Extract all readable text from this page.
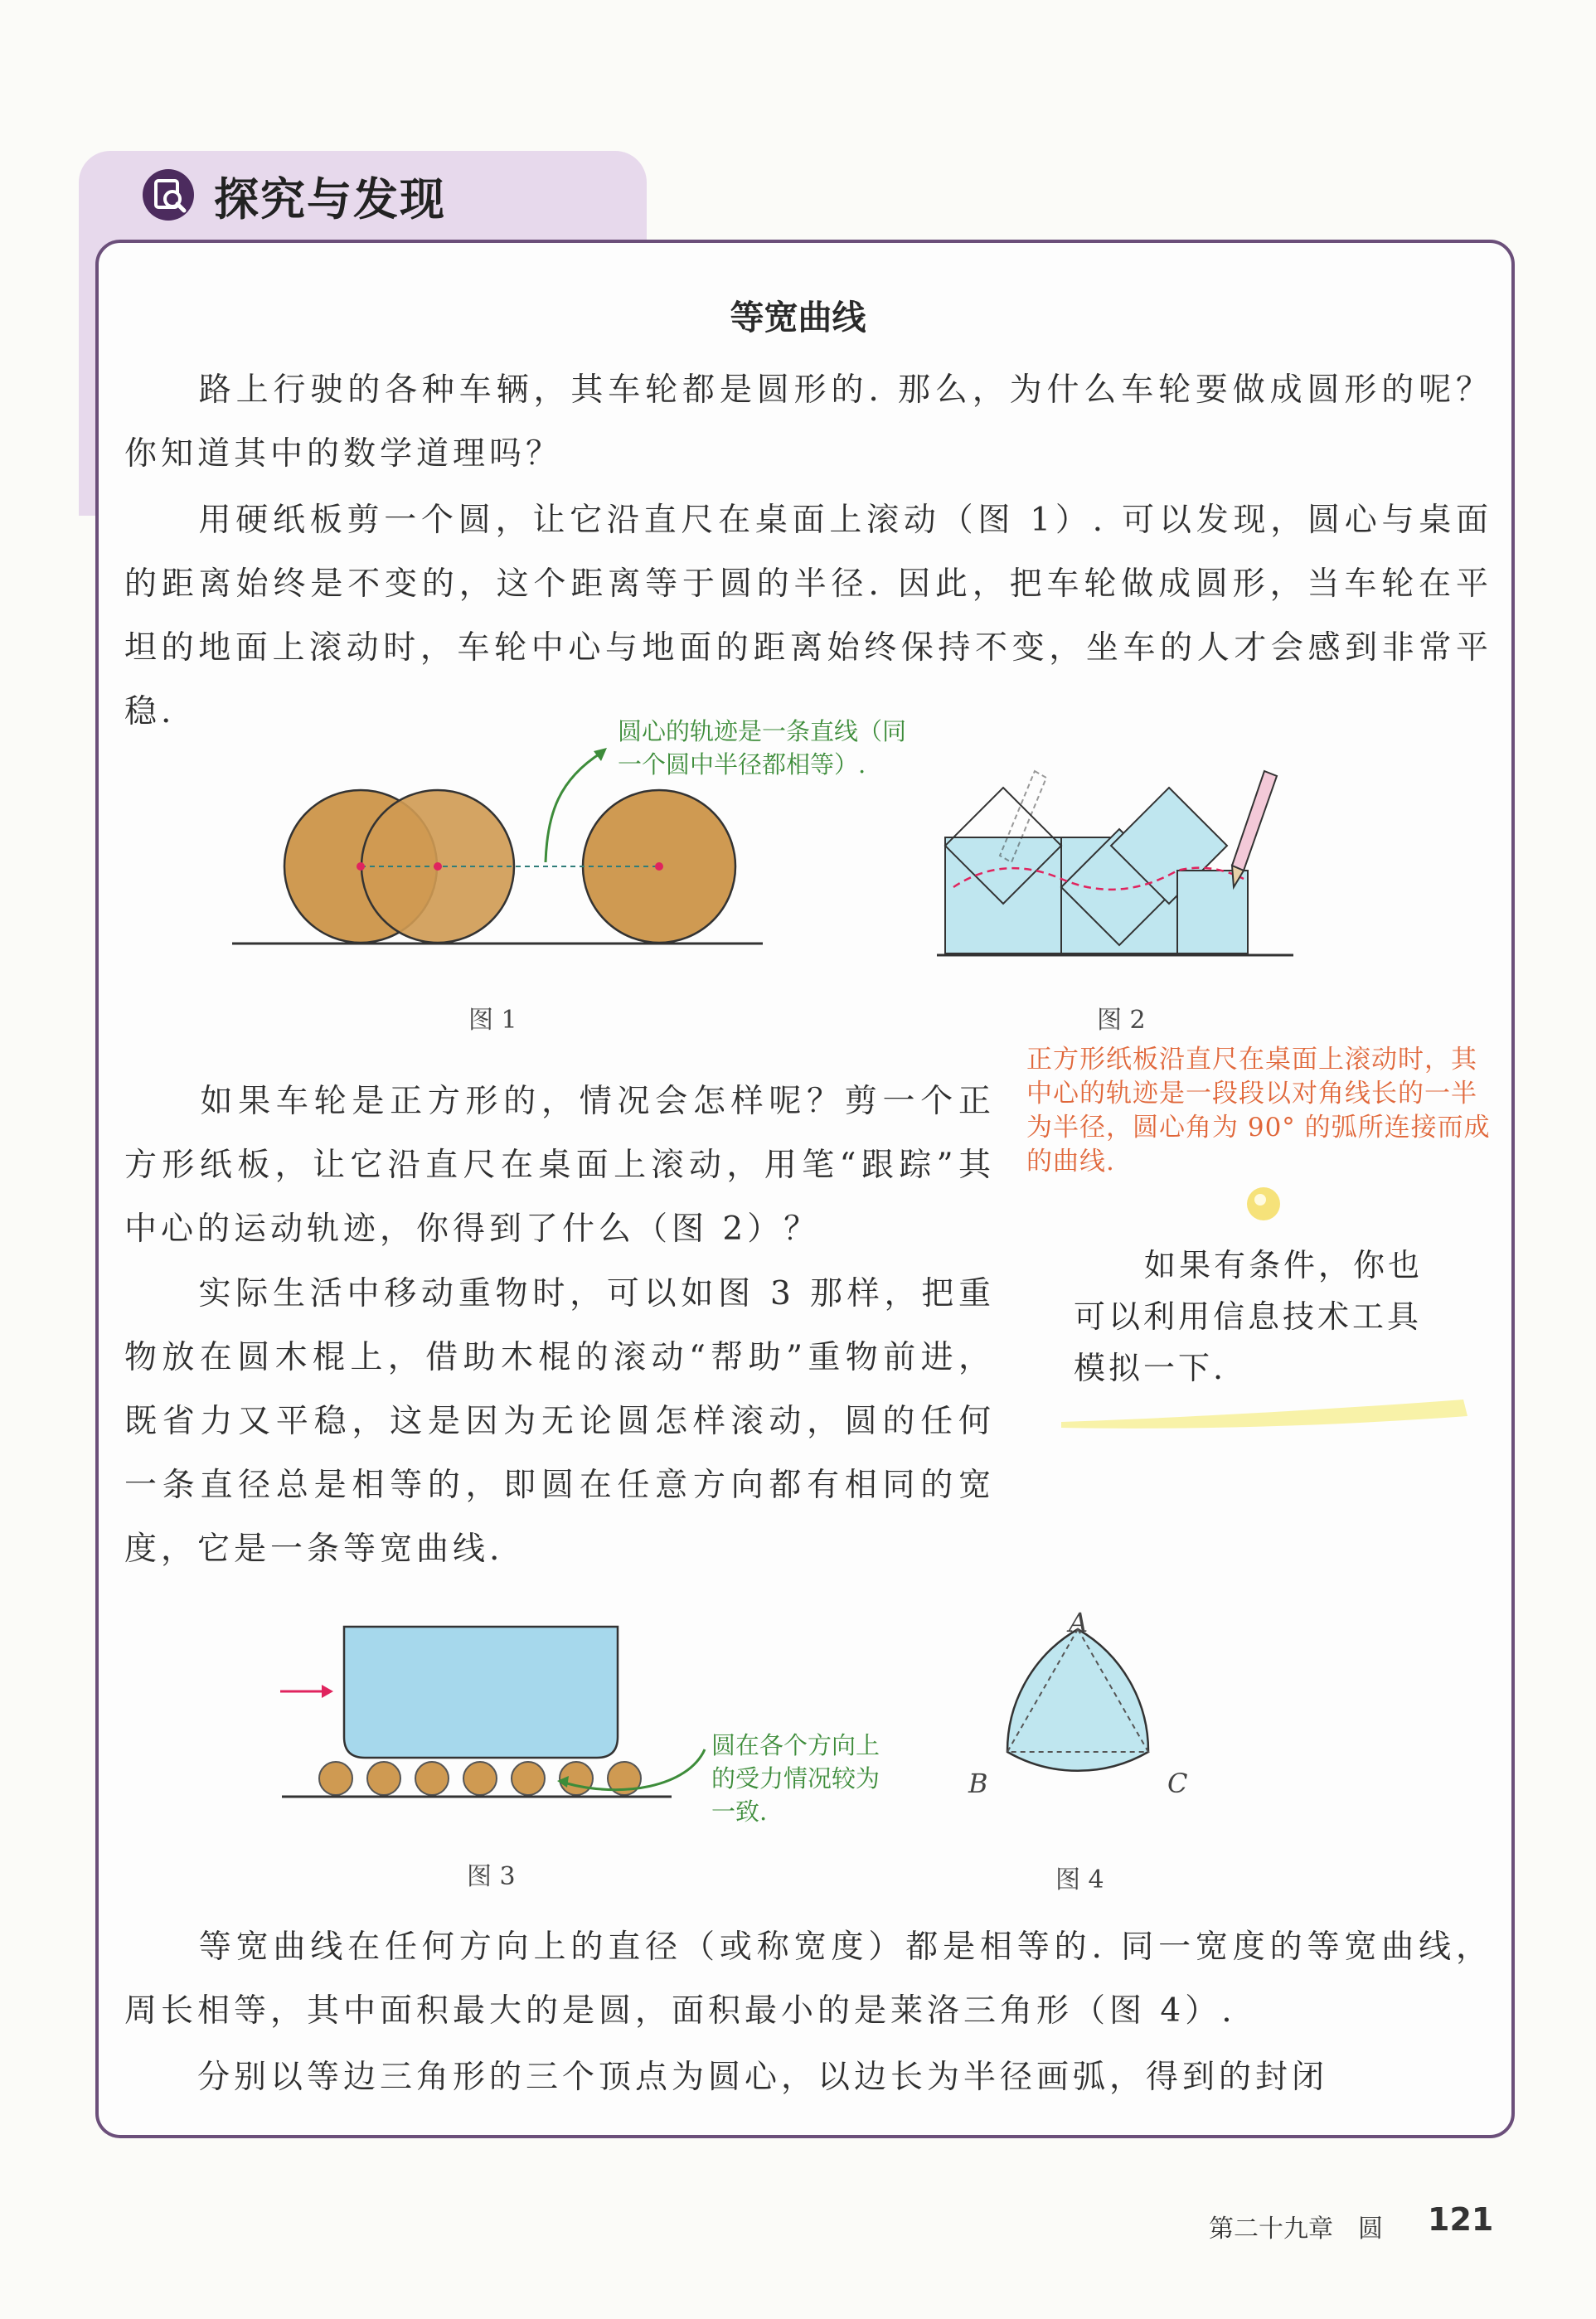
探究与发现
等宽曲线
　　路上行驶的各种车辆，其车轮都是圆形的. 那么，为什么车轮要做成圆形的呢？你知道其中的数学道理吗？
　　用硬纸板剪一个圆，让它沿直尺在桌面上滚动（图 1）. 可以发现，圆心与桌面的距离始终是不变的，这个距离等于圆的半径. 因此，把车轮做成圆形，当车轮在平坦的地面上滚动时，车轮中心与地面的距离始终保持不变，坐车的人才会感到非常平稳.
圆心的轨迹是一条直线（同
一个圆中半径都相等）.
图 1	图 2
正方形纸板沿直尺在桌面上滚动时，其中心的轨迹是一段段以对角线长的一半为半径，圆心角为 90° 的弧所连接而成的曲线.
　　如果车轮是正方形的，情况会怎样呢？剪一个正方形纸板，让它沿直尺在桌面上滚动，用笔“跟踪”其中心的运动轨迹，你得到了什么（图 2）？
　　实际生活中移动重物时，可以如图 3 那样，把重物放在圆木棍上，借助木棍的滚动“帮助”重物前进，既省力又平稳，这是因为无论圆怎样滚动，圆的任何一条直径总是相等的，即圆在任意方向都有相同的宽度，它是一条等宽曲线.
如果有条件，你也
可以利用信息技术工具
模拟一下.
圆在各个方向上
的受力情况较为
一致.
A
B	C
图 3	图 4
　　等宽曲线在任何方向上的直径（或称宽度）都是相等的. 同一宽度的等宽曲线，周长相等，其中面积最大的是圆，面积最小的是莱洛三角形（图 4）.
　　分别以等边三角形的三个顶点为圆心，以边长为半径画弧，得到的封闭
第二十九章　圆 121
